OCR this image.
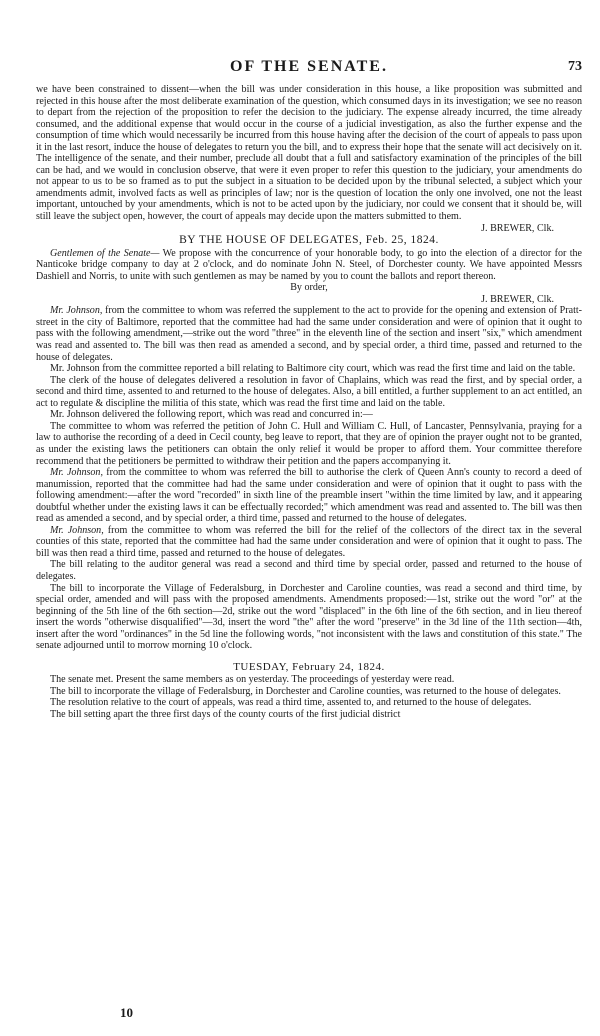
OF THE SENATE.	73

we have been constrained to dissent—when the bill was under consideration in this house, a like proposition was submitted and rejected in this house after the most deliberate examination of the question, which consumed days in its investigation; we see no reason to depart from the rejection of the proposition to refer the decision to the judiciary. The expense already incurred, the time already consumed, and the additional expense that would occur in the course of a judicial investigation, as also the further expense and the consumption of time which would necessarily be incurred from this house having after the decision of the court of appeals to pass upon it in the last resort, induce the house of delegates to return you the bill, and to express their hope that the senate will act decisively on it. The intelligence of the senate, and their number, preclude all doubt that a full and satisfactory examination of the principles of the bill can be had, and we would in conclusion observe, that were it even proper to refer this question to the judiciary, your amendments do not appear to us to be so framed as to put the subject in a situation to be decided upon by the tribunal selected, a subject which your amendments admit, involved facts as well as principles of law; nor is the question of location the only one involved, one not the least important, untouched by your amendments, which is not to be acted upon by the judiciary, nor could we consent that it should be, will still leave the subject open, however, the court of appeals may decide upon the matters submitted to them.

J. BREWER, Clk.

BY THE HOUSE OF DELEGATES, Feb. 25, 1824.

Gentlemen of the Senate— We propose with the concurrence of your honorable body, to go into the election of a director for the Nanticoke bridge company to day at 2 o'clock, and do nominate John N. Steel, of Dorchester county. We have appointed Messrs Dashiell and Norris, to unite with such gentlemen as may be named by you to count the ballots and report thereon.

By order,

J. BREWER, Clk.

Mr. Johnson, from the committee to whom was referred the supplement to the act to provide for the opening and extension of Pratt-street in the city of Baltimore, reported that the committee had had the same under consideration and were of opinion that it ought to pass with the following amendment,—strike out the word "three" in the eleventh line of the section and insert "six," which amendment was read and assented to. The bill was then read as amended a second, and by special order, a third time, passed and returned to the house of delegates.

Mr. Johnson from the committee reported a bill relating to Baltimore city court, which was read the first time and laid on the table.

The clerk of the house of delegates delivered a resolution in favor of Chaplains, which was read the first, and by special order, a second and third time, assented to and returned to the house of delegates. Also, a bill entitled, a further supplement to an act entitled, an act to regulate & discipline the militia of this state, which was read the first time and laid on the table.

Mr. Johnson delivered the following report, which was read and concurred in:—

The committee to whom was referred the petition of John C. Hull and William C. Hull, of Lancaster, Pennsylvania, praying for a law to authorise the recording of a deed in Cecil county, beg leave to report, that they are of opinion the prayer ought not to be granted, as under the existing laws the petitioners can obtain the only relief it would be proper to afford them. Your committee therefore recommend that the petitioners be permitted to withdraw their petition and the papers accompanying it.

Mr. Johnson, from the committee to whom was referred the bill to authorise the clerk of Queen Ann's county to record a deed of manumission, reported that the committee had had the same under consideration and were of opinion that it ought to pass with the following amendment:—after the word "recorded" in sixth line of the preamble insert "within the time limited by law, and it appearing doubtful whether under the existing laws it can be effectually recorded;" which amendment was read and assented to. The bill was then read as amended a second, and by special order, a third time, passed and returned to the house of delegates.

Mr. Johnson, from the committee to whom was referred the bill for the relief of the collectors of the direct tax in the several counties of this state, reported that the committee had had the same under consideration and were of opinion that it ought to pass. The bill was then read a third time, passed and returned to the house of delegates.

The bill relating to the auditor general was read a second and third time by special order, passed and returned to the house of delegates.

The bill to incorporate the Village of Federalsburg, in Dorchester and Caroline counties, was read a second and third time, by special order, amended and will pass with the proposed amendments. Amendments proposed:—1st, strike out the word "or" at the beginning of the 5th line of the 6th section—2d, strike out the word "displaced" in the 6th line of the 6th section, and in lieu thereof insert the words "otherwise disqualified"—3d, insert the word "the" after the word "preserve" in the 3d line of the 11th section—4th, insert after the word "ordinances" in the 5d line the following words, "not inconsistent with the laws and constitution of this state." The senate adjourned until to morrow morning 10 o'clock.

TUESDAY, February 24, 1824.

The senate met. Present the same members as on yesterday. The proceedings of yesterday were read.

The bill to incorporate the village of Federalsburg, in Dorchester and Caroline counties, was returned to the house of delegates.

The resolution relative to the court of appeals, was read a third time, assented to, and returned to the house of delegates.

The bill setting apart the three first days of the county courts of the first judicial district

10
